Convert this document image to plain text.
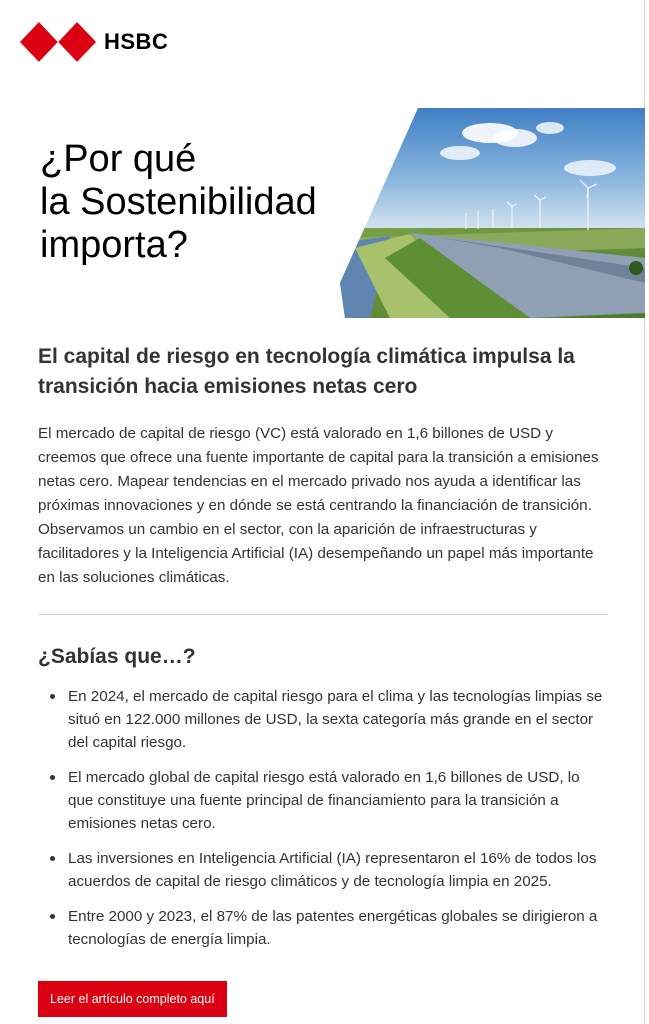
HSBC
¿Por qué
la Sostenibilidad
importa?
El capital de riesgo en tecnología climática impulsa la transición hacia emisiones netas cero

El mercado de capital de riesgo (VC) está valorado en 1,6 billones de USD y creemos que ofrece una fuente importante de capital para la transición a emisiones netas cero. Mapear tendencias en el mercado privado nos ayuda a identificar las próximas innovaciones y en dónde se está centrando la financiación de transición. Observamos un cambio en el sector, con la aparición de infraestructuras y facilitadores y la Inteligencia Artificial (IA) desempeñando un papel más importante en las soluciones climáticas.

¿Sabías que…?
En 2024, el mercado de capital riesgo para el clima y las tecnologías limpias se situó en 122.000 millones de USD, la sexta categoría más grande en el sector del capital riesgo.
El mercado global de capital riesgo está valorado en 1,6 billones de USD, lo que constituye una fuente principal de financiamiento para la transición a emisiones netas cero.
Las inversiones en Inteligencia Artificial (IA) representaron el 16% de todos los acuerdos de capital de riesgo climáticos y de tecnología limpia en 2025.
Entre 2000 y 2023, el 87% de las patentes energéticas globales se dirigieron a tecnologías de energía limpia.
Leer el artículo completo aquí
